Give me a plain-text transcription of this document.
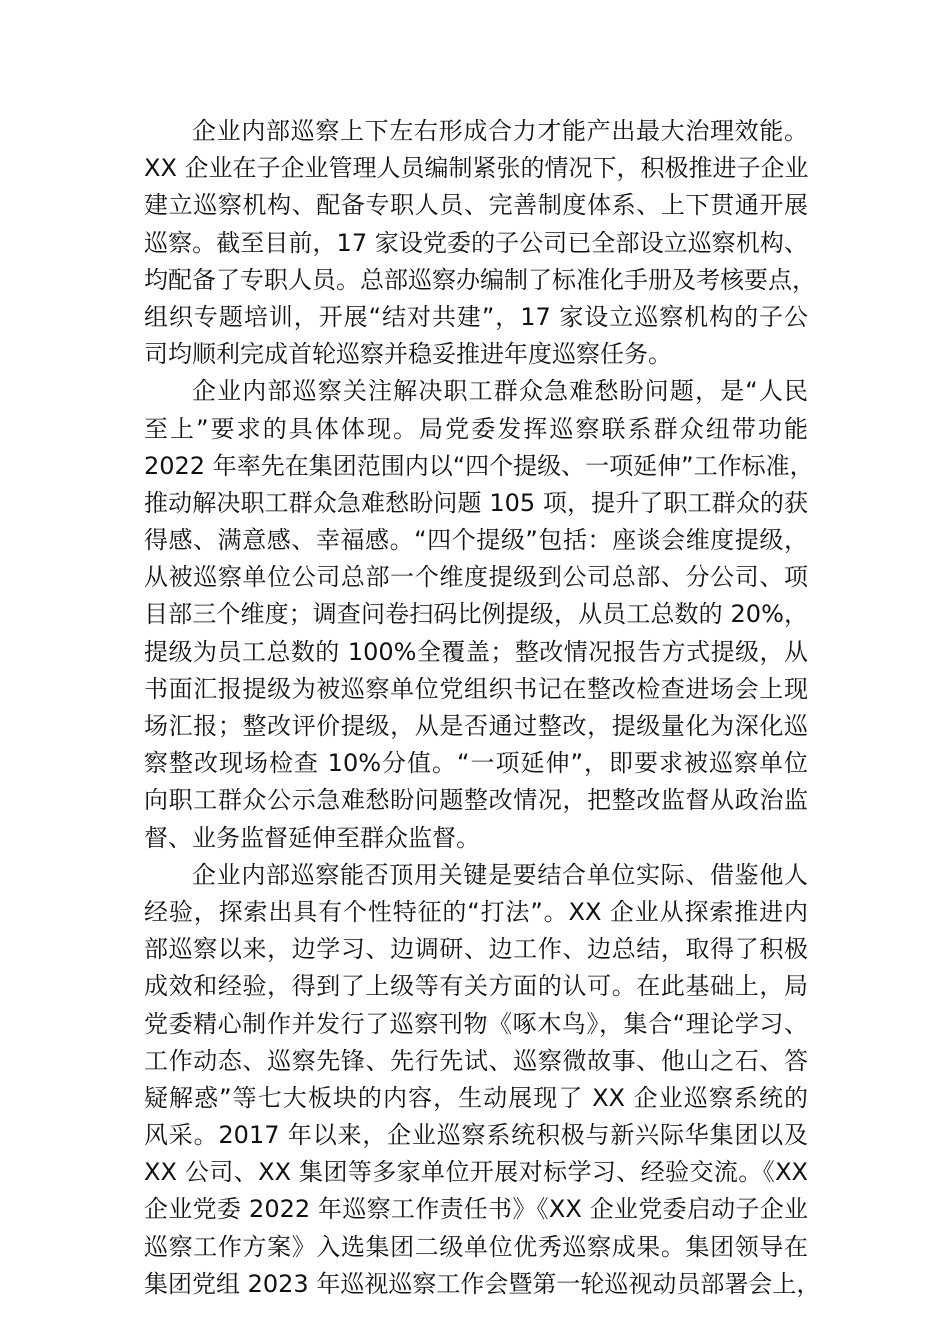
企业内部巡察上下左右形成合力才能产出最大治理效能。
XX 企业在子企业管理人员编制紧张的情况下，积极推进子企业
建立巡察机构、配备专职人员、完善制度体系、上下贯通开展
巡察。截至目前，17 家设党委的子公司已全部设立巡察机构、
均配备了专职人员。总部巡察办编制了标准化手册及考核要点，
组织专题培训，开展“结对共建”，17 家设立巡察机构的子公
司均顺利完成首轮巡察并稳妥推进年度巡察任务。
企业内部巡察关注解决职工群众急难愁盼问题，是“人民
至上”要求的具体体现。局党委发挥巡察联系群众纽带功能
2022 年率先在集团范围内以“四个提级、一项延伸”工作标准，
推动解决职工群众急难愁盼问题 105 项，提升了职工群众的获
得感、满意感、幸福感。“四个提级”包括：座谈会维度提级，
从被巡察单位公司总部一个维度提级到公司总部、分公司、项
目部三个维度；调查问卷扫码比例提级，从员工总数的 20%，
提级为员工总数的 100%全覆盖；整改情况报告方式提级，从
书面汇报提级为被巡察单位党组织书记在整改检查进场会上现
场汇报；整改评价提级，从是否通过整改，提级量化为深化巡
察整改现场检查 10%分值。“一项延伸”，即要求被巡察单位
向职工群众公示急难愁盼问题整改情况，把整改监督从政治监
督、业务监督延伸至群众监督。
企业内部巡察能否顶用关键是要结合单位实际、借鉴他人
经验，探索出具有个性特征的“打法”。XX 企业从探索推进内
部巡察以来，边学习、边调研、边工作、边总结，取得了积极
成效和经验，得到了上级等有关方面的认可。在此基础上，局
党委精心制作并发行了巡察刊物《啄木鸟》，集合“理论学习、
工作动态、巡察先锋、先行先试、巡察微故事、他山之石、答
疑解惑”等七大板块的内容，生动展现了 XX 企业巡察系统的
风采。2017 年以来，企业巡察系统积极与新兴际华集团以及
XX 公司、XX 集团等多家单位开展对标学习、经验交流。《XX
企业党委 2022 年巡察工作责任书》《XX 企业党委启动子企业
巡察工作方案》入选集团二级单位优秀巡察成果。集团领导在
集团党组 2023 年巡视巡察工作会暨第一轮巡视动员部署会上，
